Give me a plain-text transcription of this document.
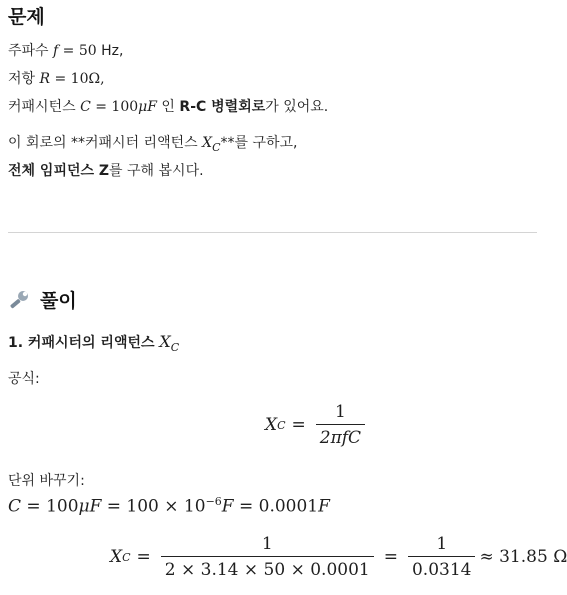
문제
주파수 f = 50 Hz,
저항 R = 10Ω,
커패시턴스 C = 100μF 인 R-C 병렬회로가 있어요.
이 회로의 **커패시터 리액턴스 $X_C**$를 구하고,
전체 임피던스 Z를 구해 봅시다.
풀이
1. 커패시터의 리액턴스 $X_C$
공식:
X $C = \frac{1}{\text{2πfC}}$
단위 바꾸기:
$C = 100\mu F = 100 \times 10^{-6}F = 0.0001F$
X $C = \frac{1}{2 \times 3.14 \times 50 \times 0.0001} = \frac{1}{0.0314} \approx 31.85$ Ω
